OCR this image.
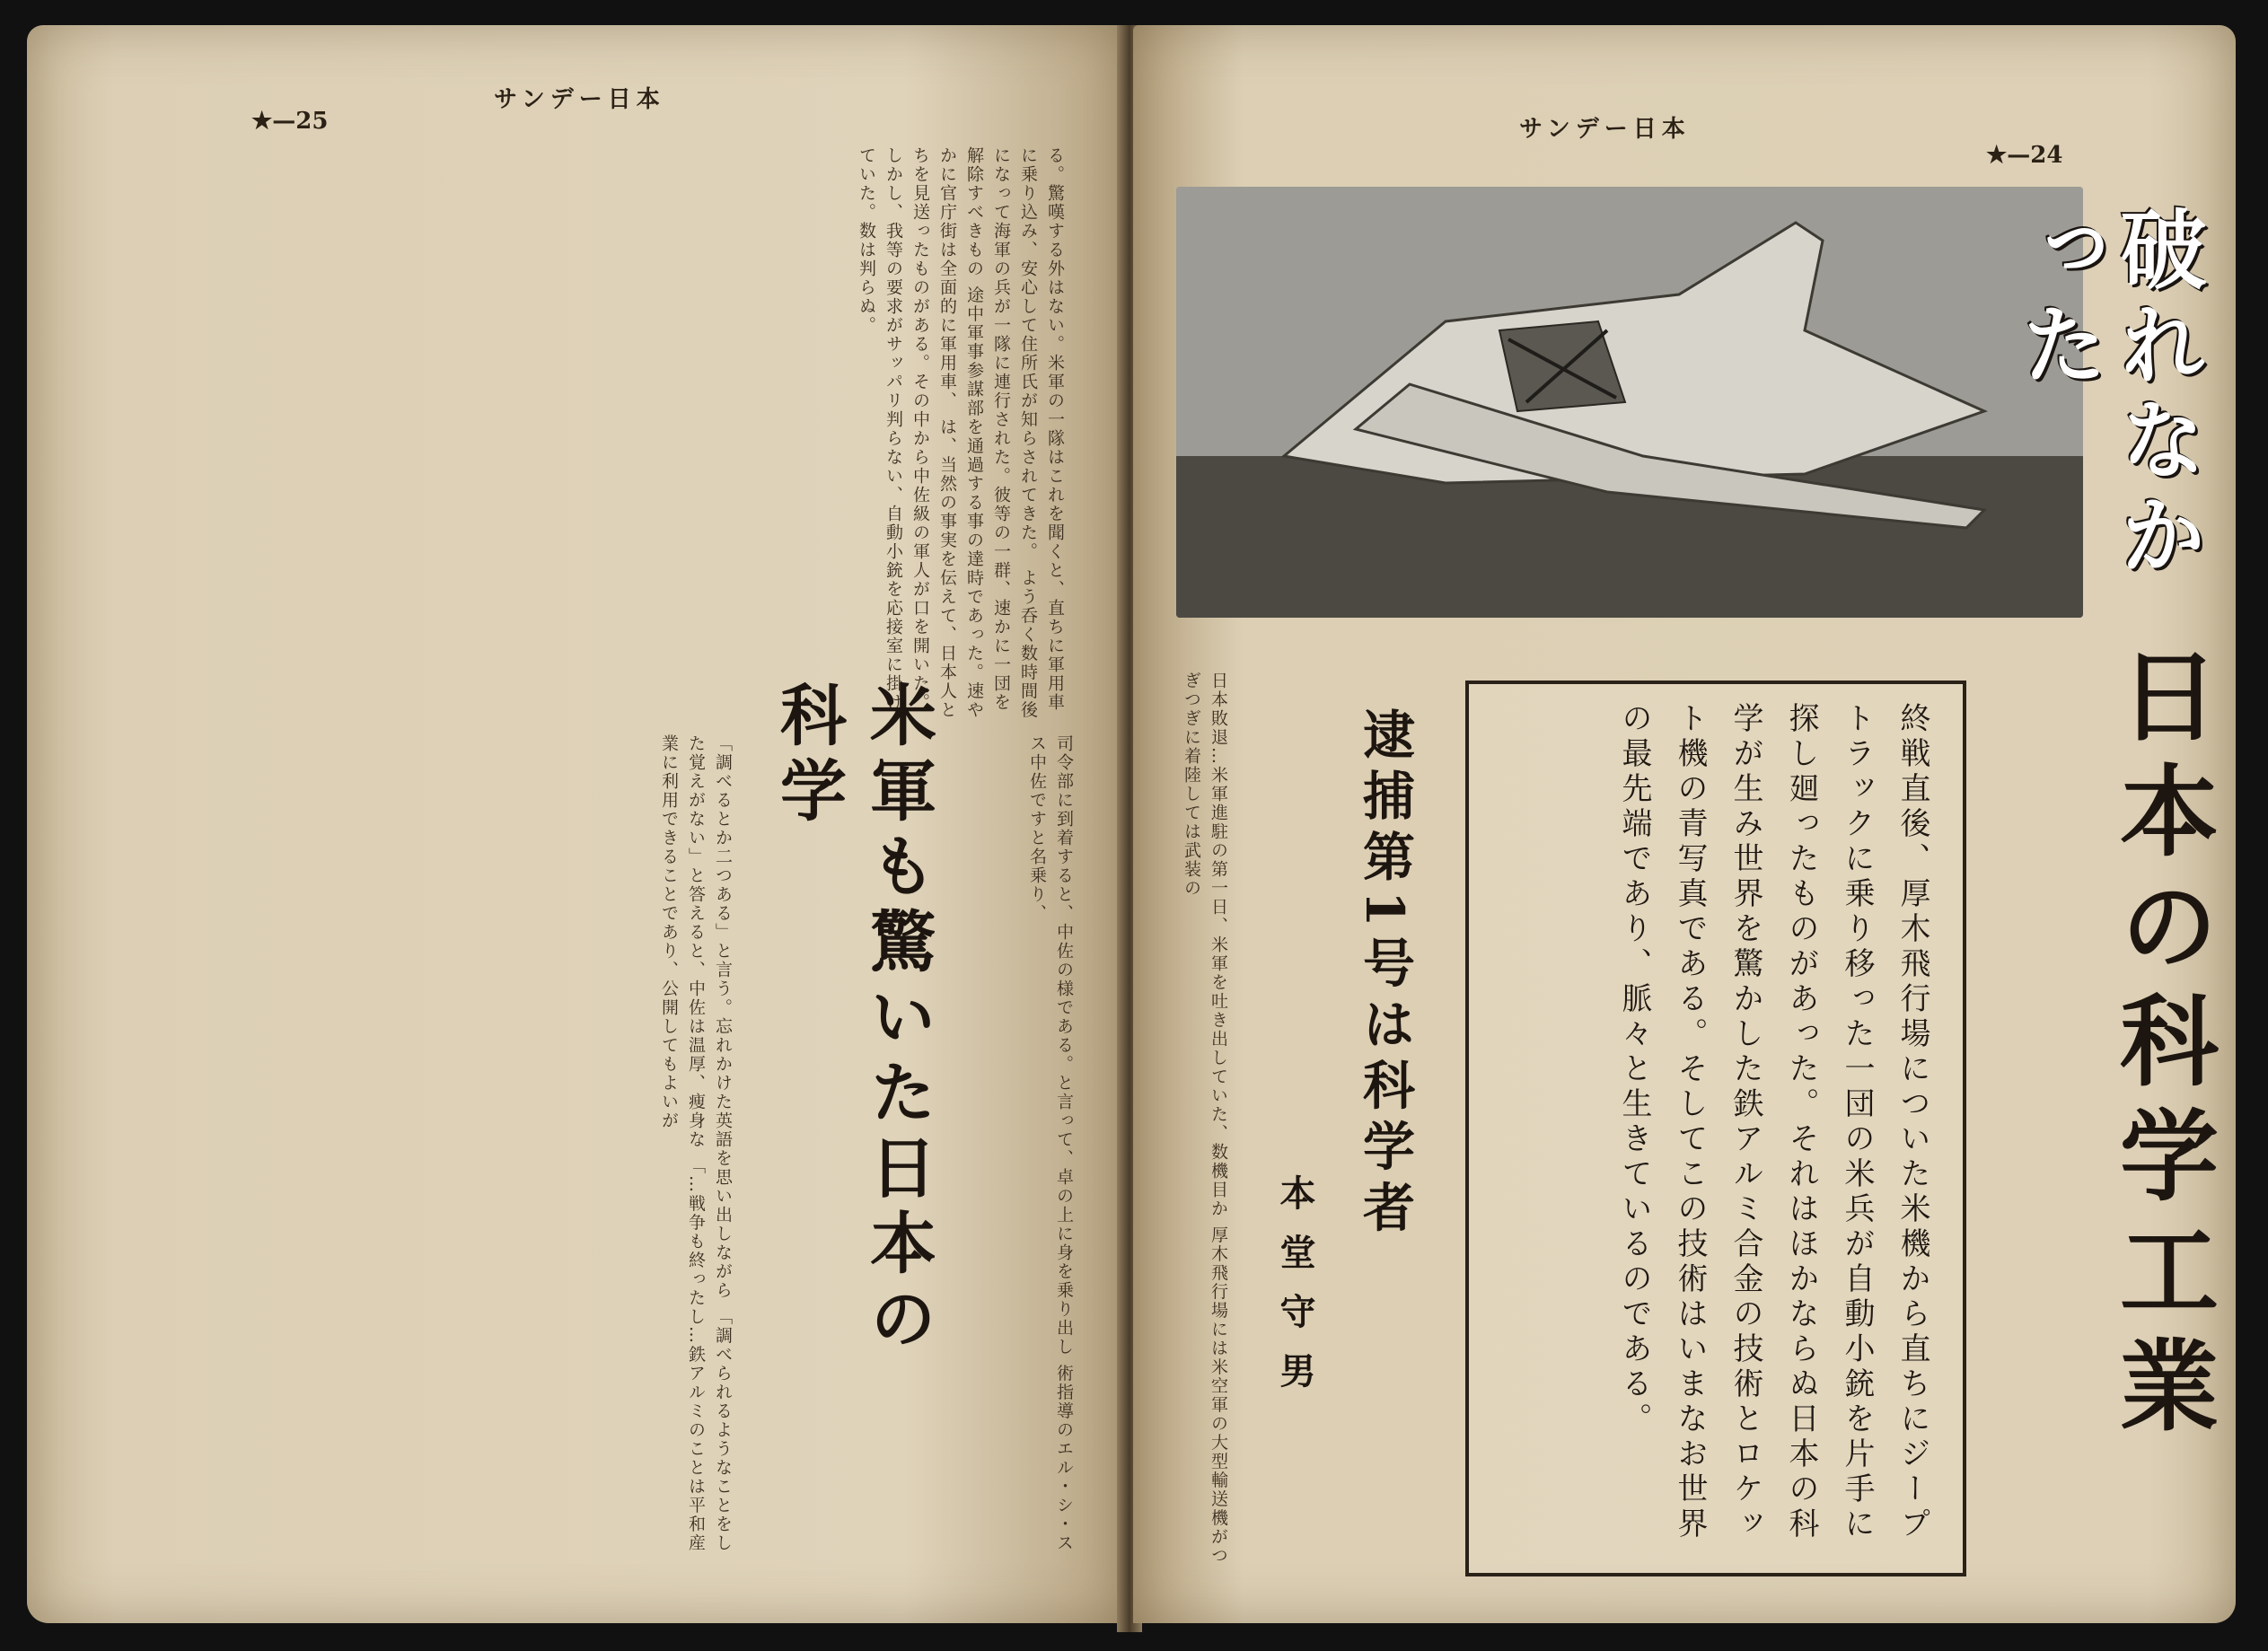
サンデー日本
★—25
る。驚嘆する外はない。米軍の一隊はこれを聞くと、直ちに軍用車に乗り込み、安心して住所氏が知らされてきた。 よう呑く数時間後になって海軍の兵が一隊に連行された。彼等の一群、速かに一団を解除すべきもの 途中軍事参謀部を通過する事の達時であった。速やかに官庁街は全面的に軍用車、 は、当然の事実を伝えて、日本人とちを見送ったものがある。その中から中佐級の軍人が口を開いた。 しかし、我等の要求がサッパリ判らない、自動小銃を応接室に掛けていた。数は判らぬ。
米軍も驚いた日本の科学	司令部に到着すると、中佐の様である。と言って、卓の上に身を乗り出し 術指導のエル・シ・スス中佐ですと名乗り、
「調べるとか二つある」と言う。忘れかけた英語を思い出しながら 「調べられるようなことをした覚えがない」と答えると、中佐は温厚、痩身な 「…戦争も終ったし…鉄アルミのことは平和産業に利用できることであり、公開してもよいが
サンデー日本
★—24
破れなかった
日本の科学工業
終戦直後、厚木飛行場についた米機から直ちにジープトラックに乗り移った一団の米兵が自動小銃を片手に探し廻ったものがあった。それはほかならぬ日本の科学が生み世界を驚かした鉄アルミ合金の技術とロケット機の青写真である。そしてこの技術はいまなお世界の最先端であり、脈々と生きているのである。
逮捕第1号は科学者
本堂守男
日本敗退…米軍進駐の第一日、米軍を吐き出していた、数機目か 厚木飛行場には米空軍の大型輸送機がつぎつぎに着陸しては武装の
